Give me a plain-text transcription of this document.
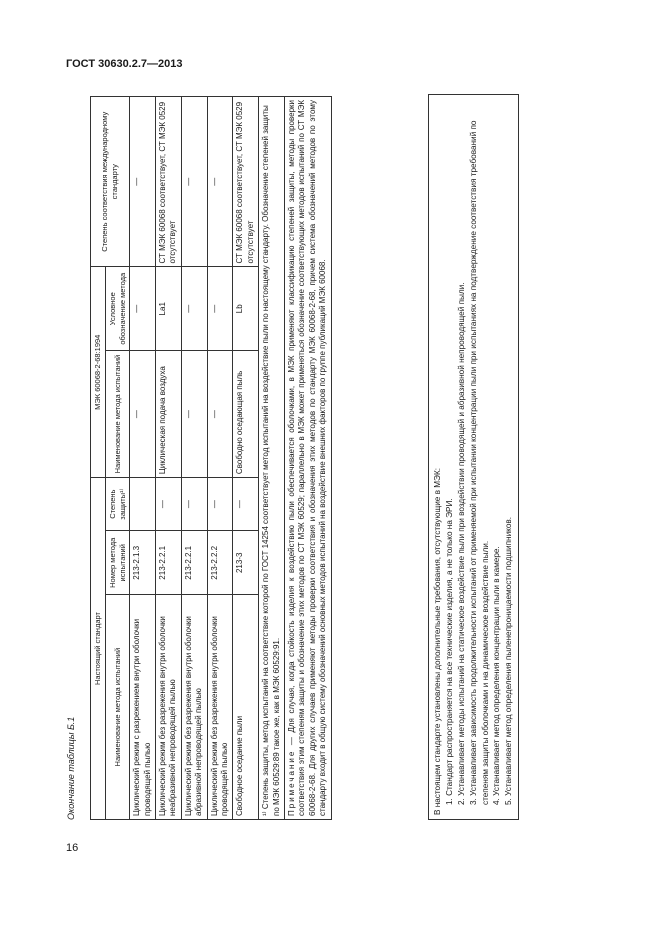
ГОСТ 30630.2.7—2013
Окончание таблицы Б.1
Настоящий стандарт			МЭК 60068-2-68:1994		Степень соответствия международному стандарту
Наименование метода испытаний	Номер метода испытаний	Степень защиты¹⁾	Наименование метода испытаний	Условное обозначение метода	
Циклический режим с разрежением внутри оболочки проводящей пылью	213-2.1.3		—	—	—
Циклический режим без разрежения внутри оболочки неабразивной непроводящей пылью	213-2.2.1	—	Циклическая подача воздуха	La1	СТ МЭК 60068 соответствует, СТ МЭК 0529 отсутствует
Циклический режим без разрежения внутри оболочки абразивной непроводящей пылью	213-2.2.1	—	—	—	—
Циклический режим без разрежения внутри оболочки проводящей пылью	213-2.2.2	—	—	—	—
Свободное оседание пыли	213-3	—	Свободно оседающая пыль	Lb	СТ МЭК 60068 соответствует, СТ МЭК 0529 отсутствует
¹⁾ Степень защиты, метод испытаний на соответствие которой по ГОСТ 14254 соответствует метод испытаний на воздействие пыли по настоящему стандарту. Обозначение степеней защиты по МЭК 60529:89 такое же, как в МЭК 60529:91.					
Примечание — Для случая, когда стойкость изделия к воздействию пыли обеспечивается оболочками, в МЭК применяют классификацию степеней защиты, методы проверки соответствия этим степеням защиты и обозначение этих методов по СТ МЭК 60529; параллельно в МЭК может применяться обозначение соответствующих методов испытаний по СТ МЭК 60068-2-68. Для других случаев применяют методы проверки соответствия и обозначения этих методов по стандарту МЭК 60068-2-68, причем система обозначений методов по этому стандарту входит в общую систему обозначений основных методов испытаний на воздействие внешних факторов по группе публикаций МЭК 60068.						В настоящем стандарте установлены дополнительные требования, отсутствующие в МЭК: 1. Стандарт распространяется на все технические изделия, а не только на ЭРИ. 2. Устанавливает методы испытаний на статическое воздействие пыли при воздействии проводящей и абразивной непроводящей пыли. 3. Устанавливает зависимость продолжительности испытаний от применяемой при испытании концентрации пыли при испытаниях на подтверждение соответствия требований по степеням защиты оболочками и на динамическое воздействие пыли. 4. Устанавливает метод определения концентрации пыли в камере. 5. Устанавливает метод определения пыленепроницаемости подшипников.
16
